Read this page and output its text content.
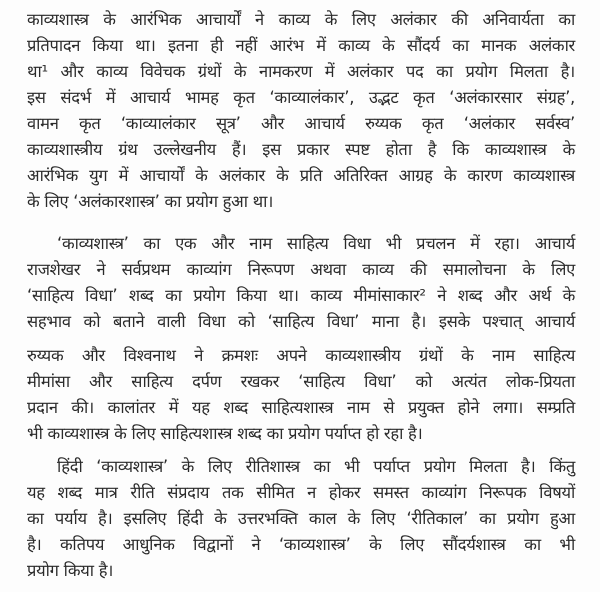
काव्यशास्त्र के आरंभिक आचार्यों ने काव्य के लिए अलंकार की अनिवार्यता का
प्रतिपादन किया था। इतना ही नहीं आरंभ में काव्य के सौंदर्य का मानक अलंकार
था¹ और काव्य विवेचक ग्रंथों के नामकरण में अलंकार पद का प्रयोग मिलता है।
इस संदर्भ में आचार्य भामह कृत ‘काव्यालंकार’, उद्भट कृत ‘अलंकारसार संग्रह’,
वामन कृत ‘काव्यालंकार सूत्र’ और आचार्य रुय्यक कृत ‘अलंकार सर्वस्व’
काव्यशास्त्रीय ग्रंथ उल्लेखनीय हैं। इस प्रकार स्पष्ट होता है कि काव्यशास्त्र के
आरंभिक युग में आचार्यों के अलंकार के प्रति अतिरिक्त आग्रह के कारण काव्यशास्त्र
के लिए ‘अलंकारशास्त्र’ का प्रयोग हुआ था।
‘काव्यशास्त्र’ का एक और नाम साहित्य विधा भी प्रचलन में रहा। आचार्य
राजशेखर ने सर्वप्रथम काव्यांग निरूपण अथवा काव्य की समालोचना के लिए
‘साहित्य विधा’ शब्द का प्रयोग किया था। काव्य मीमांसाकार² ने शब्द और अर्थ के
सहभाव को बताने वाली विधा को ‘साहित्य विधा’ माना है। इसके पश्चात् आचार्य
रुय्यक और विश्वनाथ ने क्रमशः अपने काव्यशास्त्रीय ग्रंथों के नाम साहित्य
मीमांसा और साहित्य दर्पण रखकर ‘साहित्य विधा’ को अत्यंत लोक-प्रियता
प्रदान की। कालांतर में यह शब्द साहित्यशास्त्र नाम से प्रयुक्त होने लगा। सम्प्रति
भी काव्यशास्त्र के लिए साहित्यशास्त्र शब्द का प्रयोग पर्याप्त हो रहा है।
हिंदी ‘काव्यशास्त्र’ के लिए रीतिशास्त्र का भी पर्याप्त प्रयोग मिलता है। किंतु
यह शब्द मात्र रीति संप्रदाय तक सीमित न होकर समस्त काव्यांग निरूपक विषयों
का पर्याय है। इसलिए हिंदी के उत्तरभक्ति काल के लिए ‘रीतिकाल’ का प्रयोग हुआ
है। कतिपय आधुनिक विद्वानों ने ‘काव्यशास्त्र’ के लिए सौंदर्यशास्त्र का भी
प्रयोग किया है।
